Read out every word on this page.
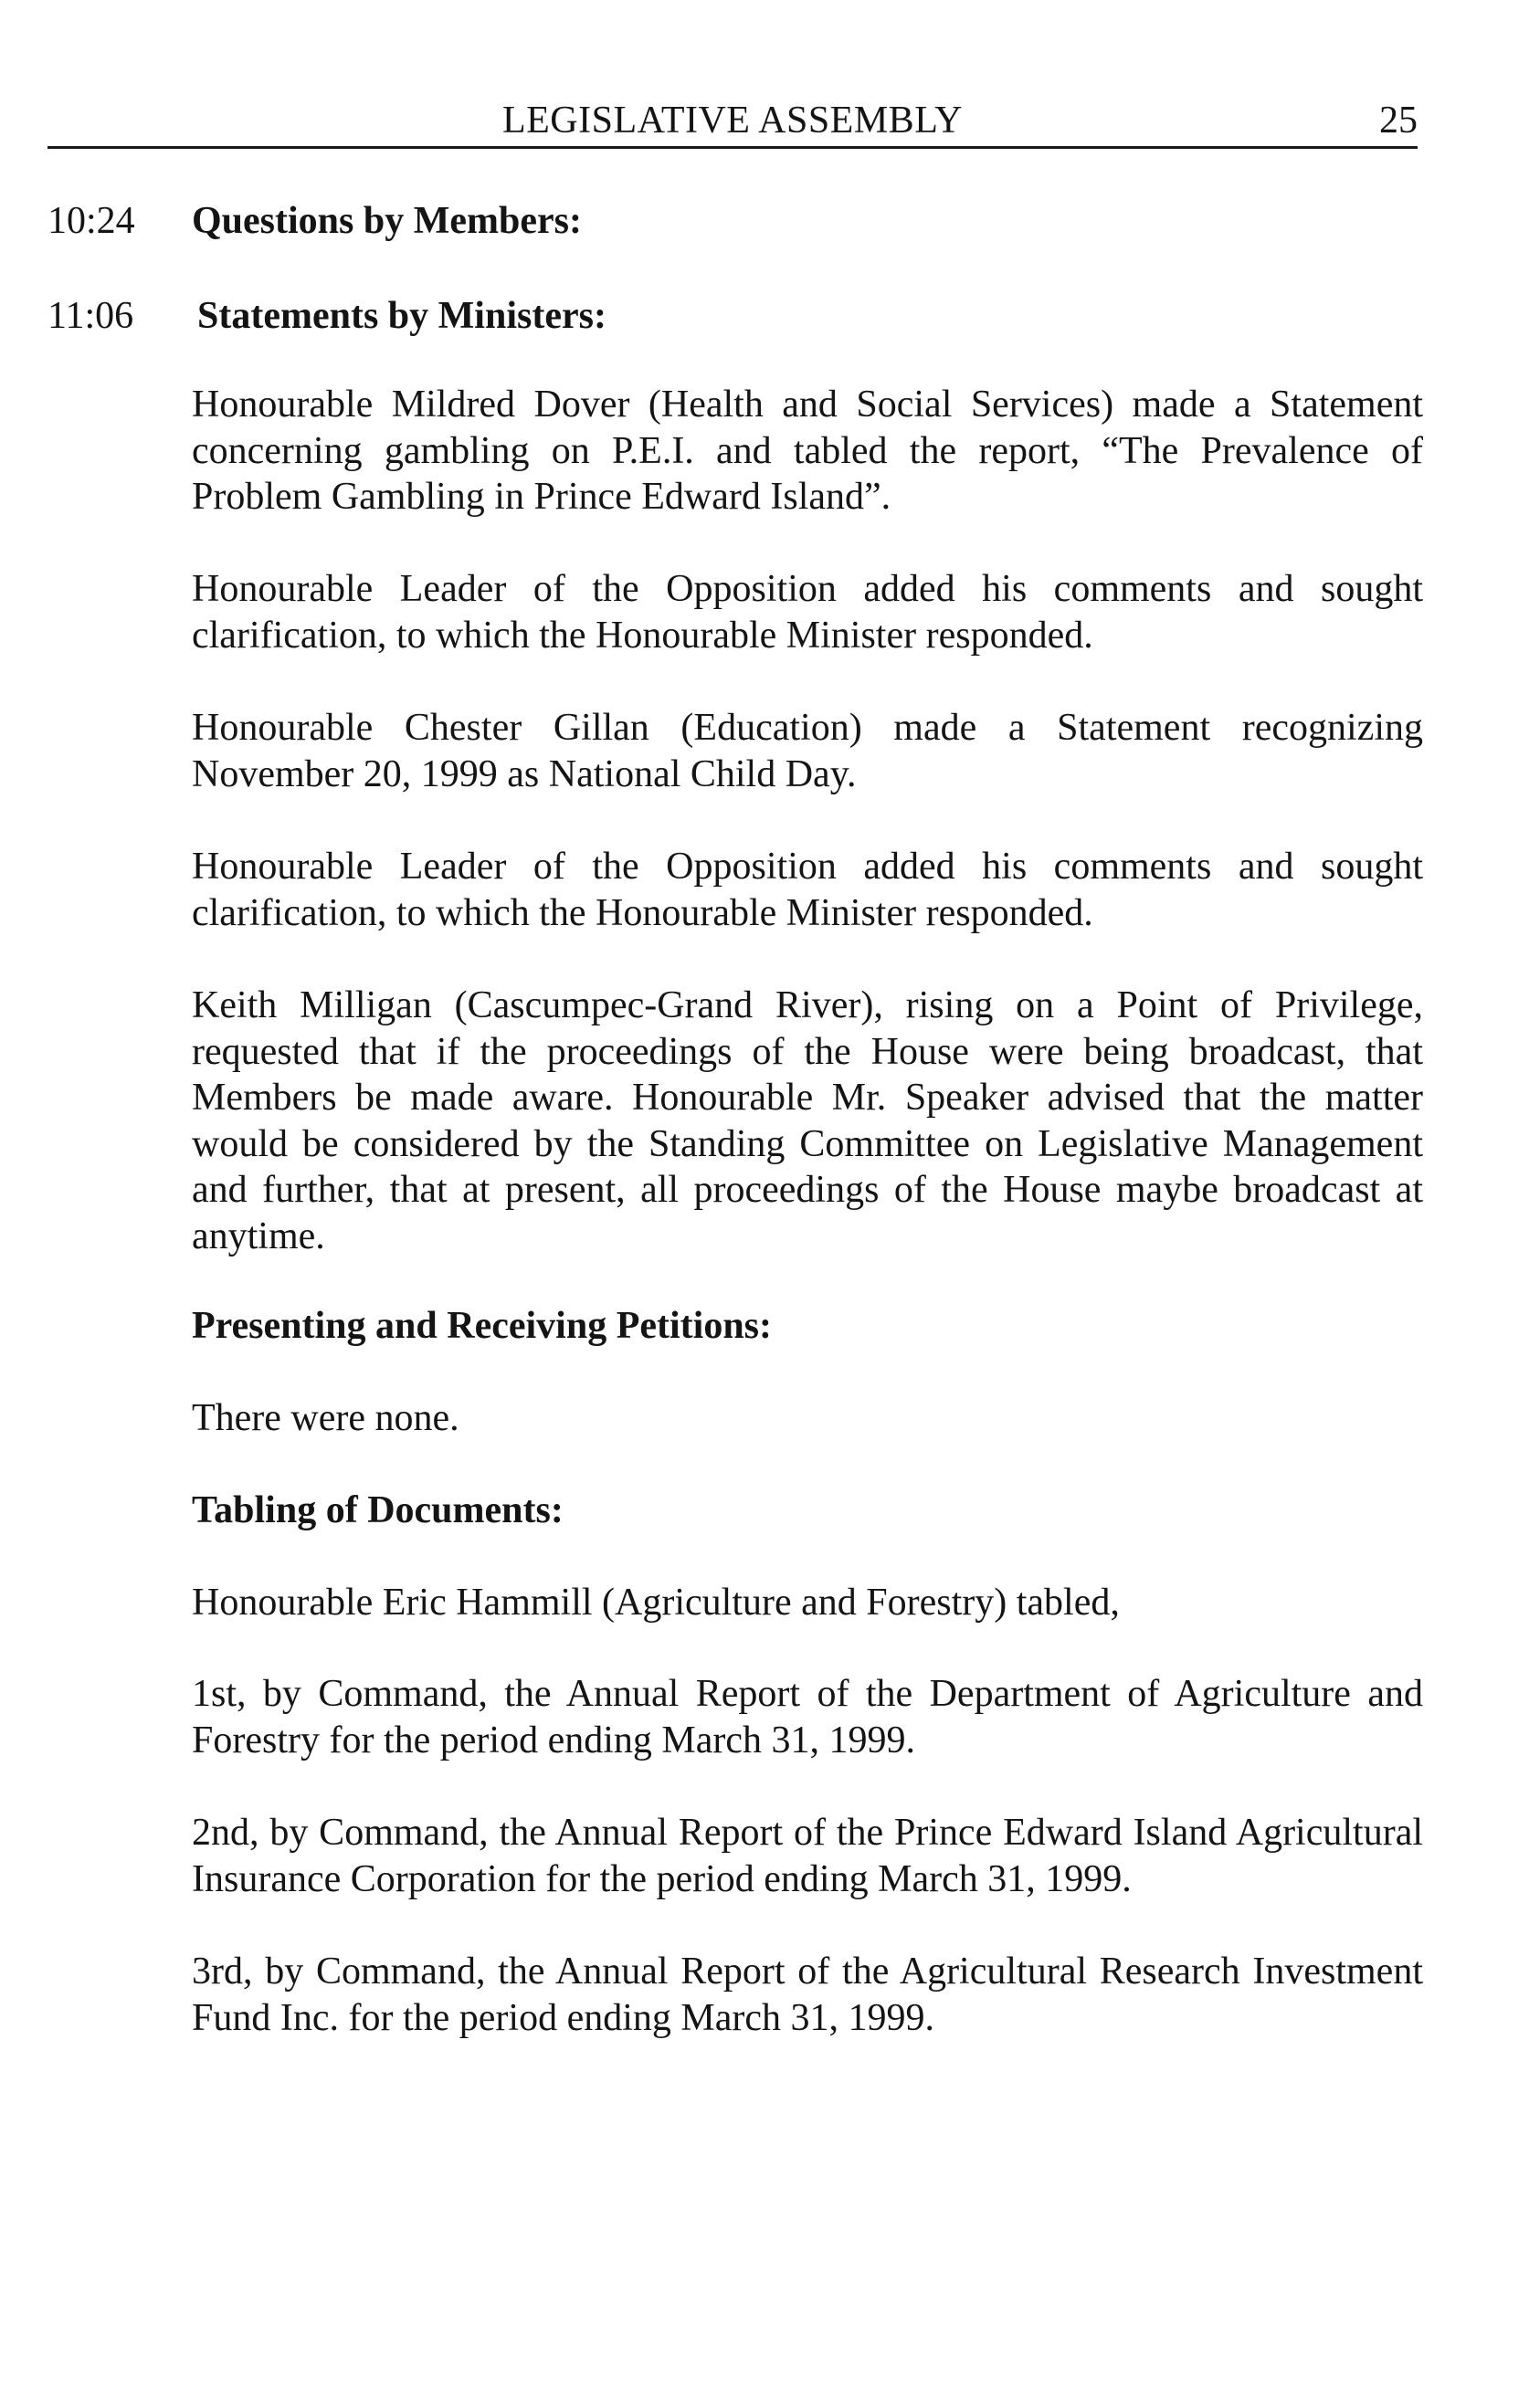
LEGISLATIVE ASSEMBLY	25
10:24 Questions by Members:
11:06 Statements by Ministers:

Honourable Mildred Dover (Health and Social Services) made a Statement concerning gambling on P.E.I. and tabled the report, “The Prevalence of Problem Gambling in Prince Edward Island”.

Honourable Leader of the Opposition added his comments and sought clarification, to which the Honourable Minister responded.

Honourable Chester Gillan (Education) made a Statement recognizing November 20, 1999 as National Child Day.

Honourable Leader of the Opposition added his comments and sought clarification, to which the Honourable Minister responded.

Keith Milligan (Cascumpec-Grand River), rising on a Point of Privilege, requested that if the proceedings of the House were being broadcast, that Members be made aware. Honourable Mr. Speaker advised that the matter would be considered by the Standing Committee on Legislative Management and further, that at present, all proceedings of the House maybe broadcast at anytime.

Presenting and Receiving Petitions:

There were none.

Tabling of Documents:

Honourable Eric Hammill (Agriculture and Forestry) tabled,

1st, by Command, the Annual Report of the Department of Agriculture and Forestry for the period ending March 31, 1999.

2nd, by Command, the Annual Report of the Prince Edward Island Agricultural Insurance Corporation for the period ending March 31, 1999.

3rd, by Command, the Annual Report of the Agricultural Research Investment Fund Inc. for the period ending March 31, 1999.
